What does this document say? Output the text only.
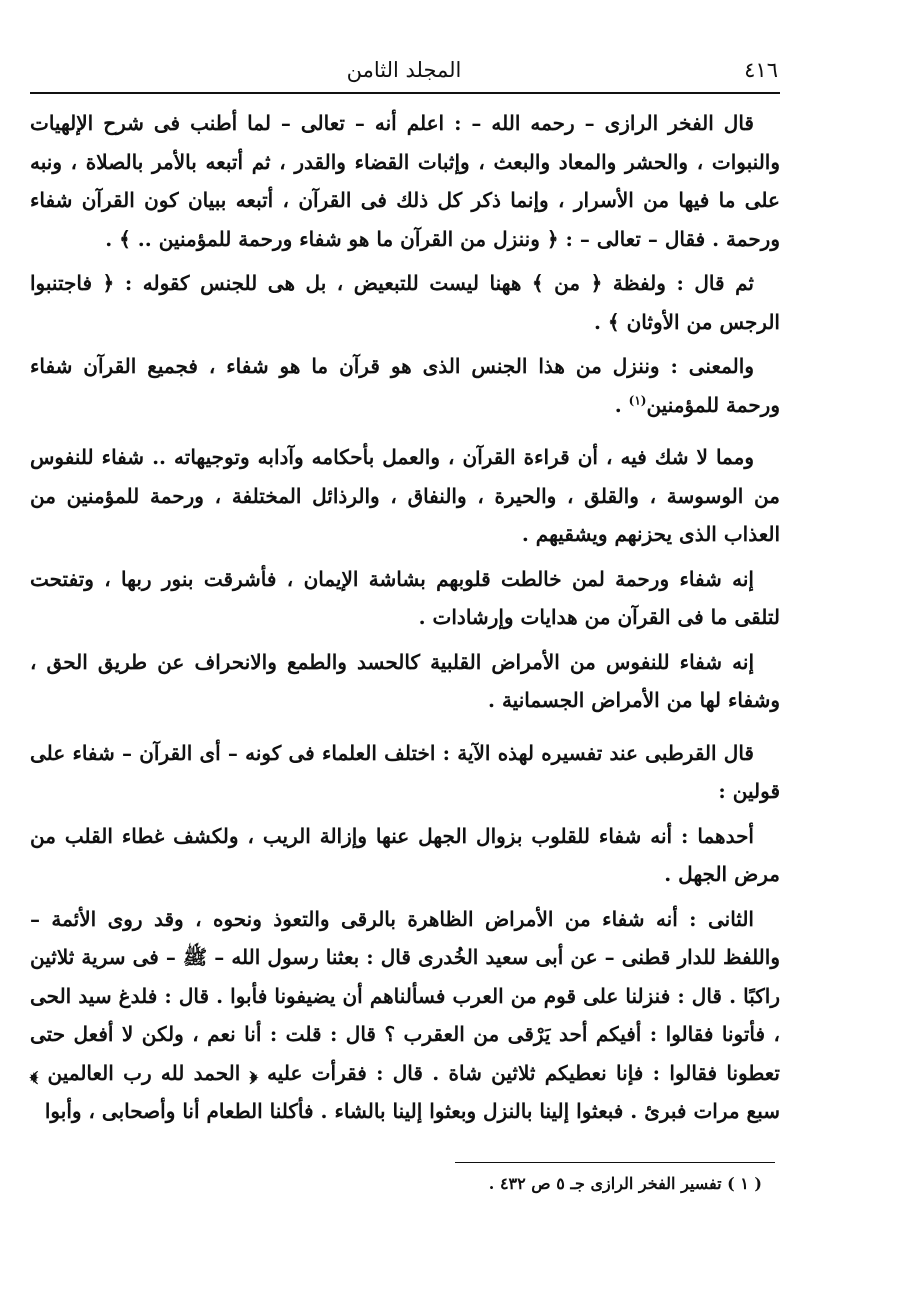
٤١٦
المجلد الثامن

قال الفخر الرازى – رحمه الله – : اعلم أنه – تعالى – لما أطنب فى شرح الإلهيات والنبوات ، والحشر والمعاد والبعث ، وإثبات القضاء والقدر ، ثم أتبعه بالأمر بالصلاة ، ونبه على ما فيها من الأسرار ، وإنما ذكر كل ذلك فى القرآن ، أتبعه ببيان كون القرآن شفاء ورحمة . فقال – تعالى – : ﴿ وننزل من القرآن ما هو شفاء ورحمة للمؤمنين .. ﴾ .

ثم قال : ولفظة ﴿ من ﴾ ههنا ليست للتبعيض ، بل هى للجنس كقوله : ﴿ فاجتنبوا الرجس من الأوثان ﴾ .

والمعنى : وننزل من هذا الجنس الذى هو قرآن ما هو شفاء ، فجميع القرآن شفاء ورحمة للمؤمنين$^{(١)}$ .

ومما لا شك فيه ، أن قراءة القرآن ، والعمل بأحكامه وآدابه وتوجيهاته .. شفاء للنفوس من الوسوسة ، والقلق ، والحيرة ، والنفاق ، والرذائل المختلفة ، ورحمة للمؤمنين من العذاب الذى يحزنهم ويشقيهم .

إنه شفاء ورحمة لمن خالطت قلوبهم بشاشة الإيمان ، فأشرقت بنور ربها ، وتفتحت لتلقى ما فى القرآن من هدايات وإرشادات .

إنه شفاء للنفوس من الأمراض القلبية كالحسد والطمع والانحراف عن طريق الحق ، وشفاء لها من الأمراض الجسمانية .

قال القرطبى عند تفسيره لهذه الآية : اختلف العلماء فى كونه – أى القرآن – شفاء على قولين :

أحدهما : أنه شفاء للقلوب بزوال الجهل عنها وإزالة الريب ، ولكشف غطاء القلب من مرض الجهل .

الثانى : أنه شفاء من الأمراض الظاهرة بالرقى والتعوذ ونحوه ، وقد روى الأئمة – واللفظ للدار قطنى – عن أبى سعيد الخُدرى قال : بعثنا رسول الله – ﷺ – فى سرية ثلاثين راكبًا . قال : فنزلنا على قوم من العرب فسألناهم أن يضيفونا فأبوا . قال : فلدغ سيد الحى ، فأتونا فقالوا : أفيكم أحد يَرْقى من العقرب ؟ قال : قلت : أنا نعم ، ولكن لا أفعل حتى تعطونا فقالوا : فإنا نعطيكم ثلاثين شاة . قال : فقرأت عليه ﴿ الحمد لله رب العالمين ﴾ سبع مرات فبرئ . فبعثوا إلينا بالنزل وبعثوا إلينا بالشاء . فأكلنا الطعام أنا وأصحابى ، وأبوا

( ١ ) تفسير الفخر الرازى جـ ٥ ص ٤٣٢ .
